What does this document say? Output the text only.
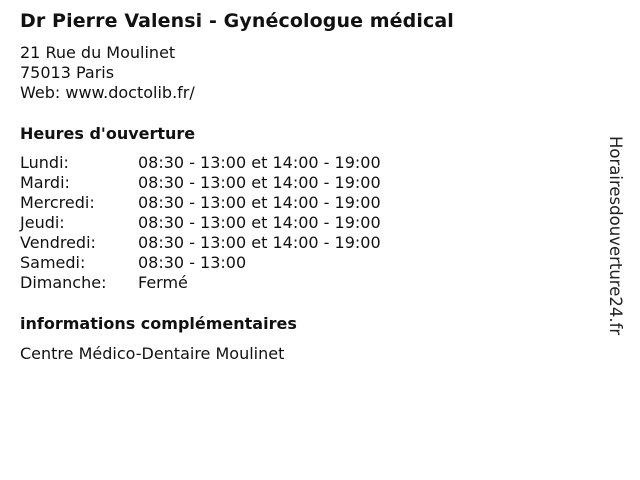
Dr Pierre Valensi - Gynécologue médical
21 Rue du Moulinet
75013 Paris
Web: www.doctolib.fr/
Heures d'ouverture
Lundi:	08:30 - 13:00 et 14:00 - 19:00
Mardi:	08:30 - 13:00 et 14:00 - 19:00
Mercredi:	08:30 - 13:00 et 14:00 - 19:00
Jeudi:	08:30 - 13:00 et 14:00 - 19:00
Vendredi:	08:30 - 13:00 et 14:00 - 19:00
Samedi:	08:30 - 13:00
Dimanche:	Fermé
informations complémentaires
Centre Médico-Dentaire Moulinet
Horairesdouverture24.fr
